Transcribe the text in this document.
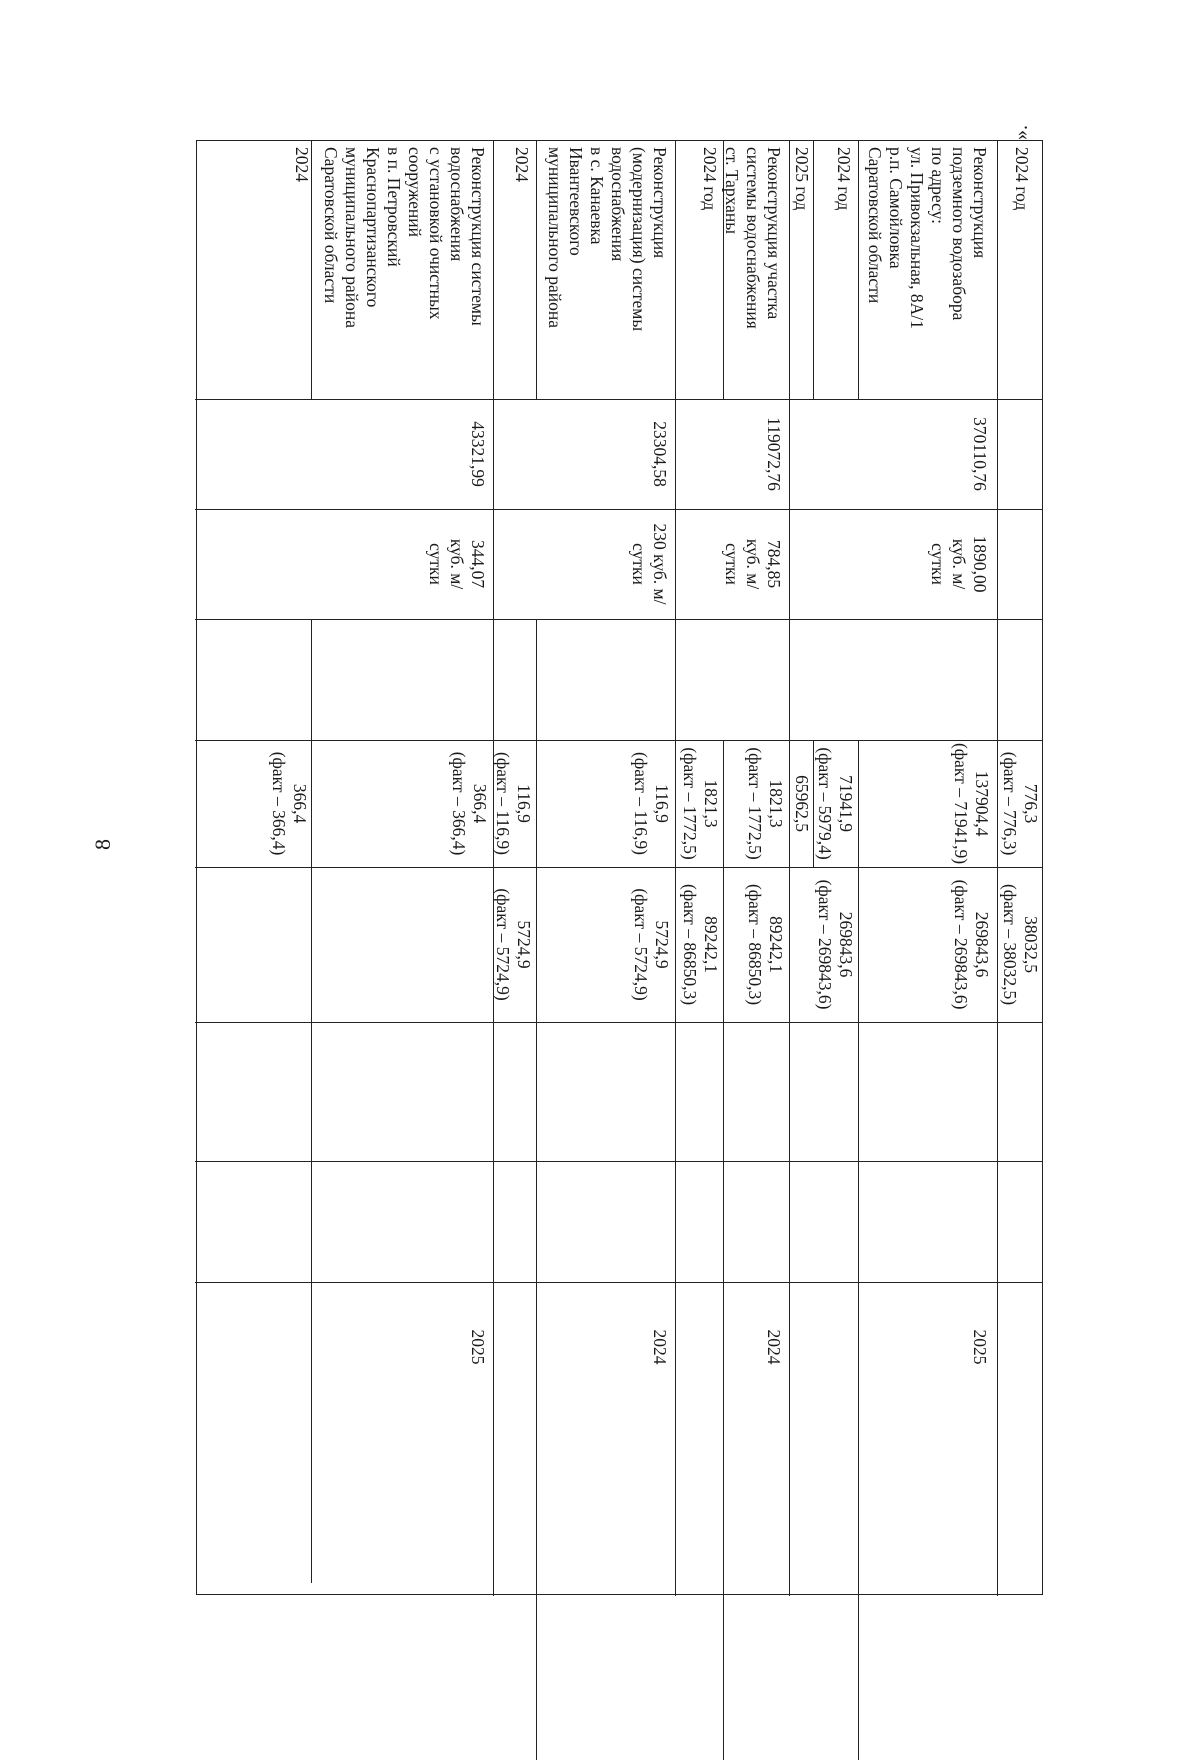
8
».
2024 год
776,3
(факт – 776,3)
38032,5
(факт – 38032,5)
Реконструкция
подземного водозабора
по адресу:
ул. Привокзальная, 8А/1
р.п. Самойловка
Саратовской области
370110,76
1890,00
куб. м/
сутки
137904,4
(факт – 71941,9)
269843,6
(факт – 269843,6)
2025
2024 год
71941,9
(факт – 5979,4)
269843,6
(факт – 269843,6)
2025 год
65962,5
Реконструкция участка
системы водоснабжения
ст. Тарханы
119072,76
784,85
куб. м/
сутки
1821,3
(факт – 1772,5)
89242,1
(факт – 86850,3)
2024
2024 год
1821,3
(факт – 1772,5)
89242,1
(факт – 86850,3)
Реконструкция
(модернизация) системы
водоснабжения
в с. Канаевка
Ивантеевского
муниципального района
23304,58
230 куб. м/
сутки
116,9
(факт – 116,9)
5724,9
(факт – 5724,9)
2024
2024
116,9
(факт – 116,9)
5724,9
(факт – 5724,9)
Реконструкция системы
водоснабжения
с установкой очистных
сооружений
в п. Петровский
Краснопартизанского
муниципального района
Саратовской области
43321,99
344,07
куб. м/
сутки
366,4
(факт – 366,4)
2025
2024
366,4
(факт – 366,4)
